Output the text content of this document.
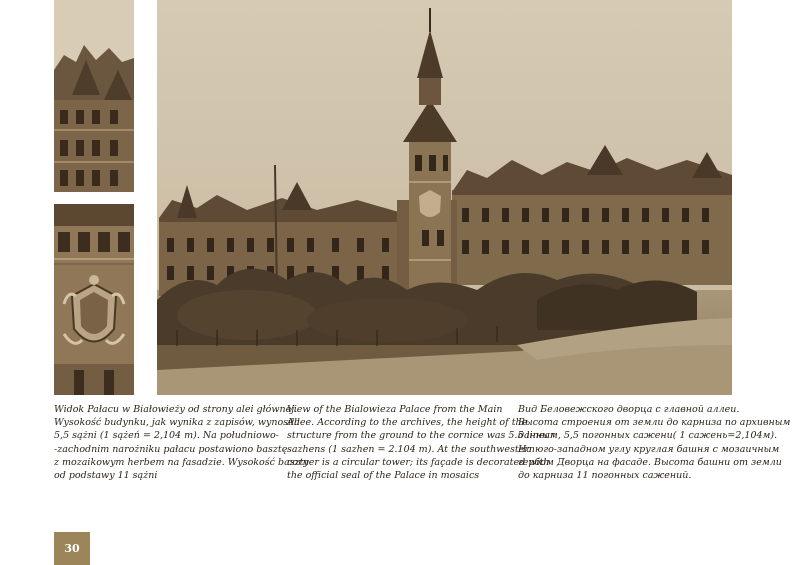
Widok Pałacu w Białowieży od strony alei głównej.
Wysokość budynku, jak wynika z zapisów, wynosiła
5,5 sążni (1 sążeń = 2,104 m). Na południowo-
-zachodnim narożniku pałacu postawiono basztę
z mozaikowym herbem na fasadzie. Wysokość baszty
od podstawy 11 sążni

View of the Bialowieza Palace from the Main
Allee. According to the archives, the height of the
structure from the ground to the cornice was 5.5 linear
sazhens (1 sazhen = 2.104 m). At the southwestern
corner is a circular tower; its façade is decorated with
the official seal of the Palace in mosaics

Вид Беловежского дворца с главной аллеи.
Высота строения от земли до карниза по архивным
данным, 5,5 погонных сажени( 1 сажень=2,104м).
На юго-западном углу круглая башня с мозаичным
гербом Дворца на фасаде. Высота башни от земли
до карниза 11 погонных сажений.

30
